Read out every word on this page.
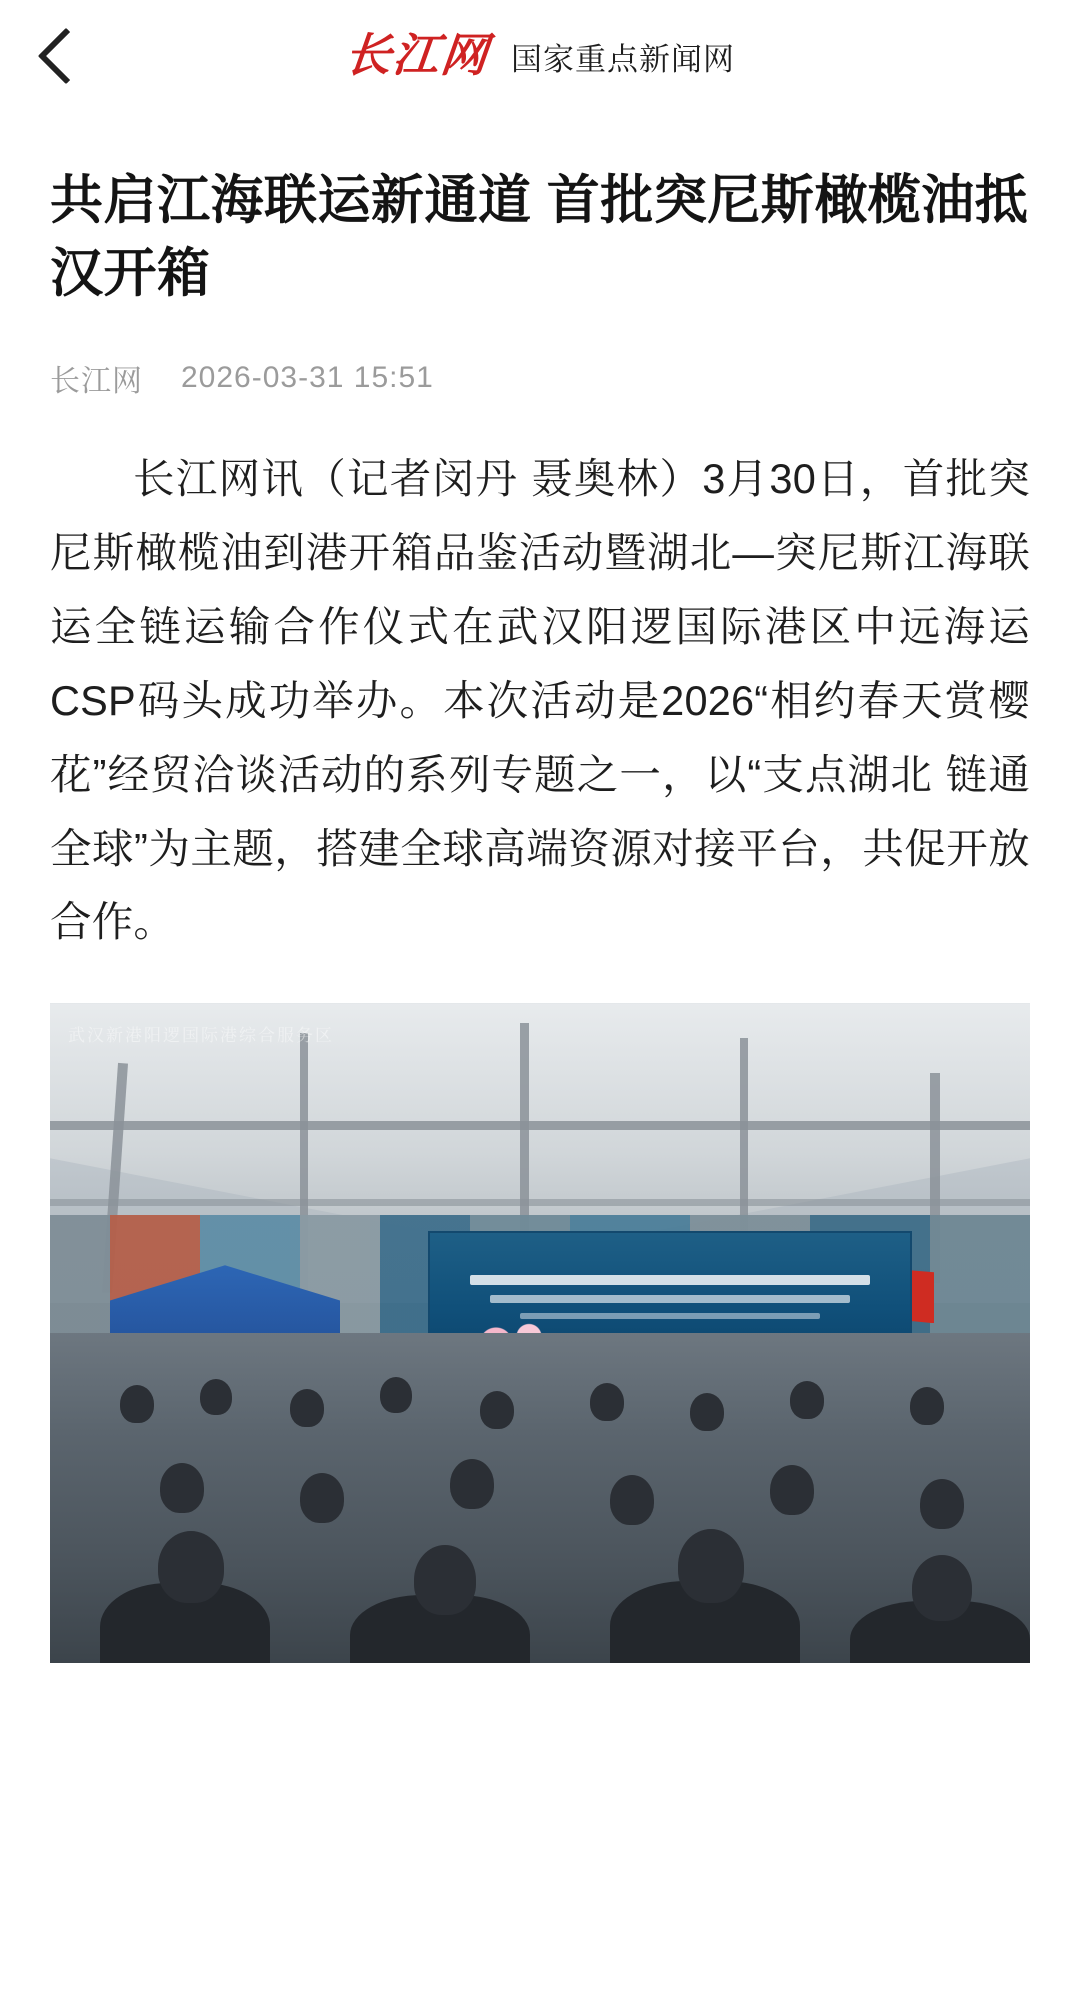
长江网 国家重点新闻网
共启江海联运新通道 首批突尼斯橄榄油抵汉开箱
长江网 2026-03-31 15:51

长江网讯（记者闵丹 聂奥林）3月30日，首批突尼斯橄榄油到港开箱品鉴活动暨湖北—突尼斯江海联运全链运输合作仪式在武汉阳逻国际港区中远海运CSP码头成功举办。本次活动是2026“相约春天赏樱花”经贸洽谈活动的系列专题之一，以“支点湖北 链通全球”为主题，搭建全球高端资源对接平台，共促开放合作。

武汉新港阳逻国际港综合服务区
